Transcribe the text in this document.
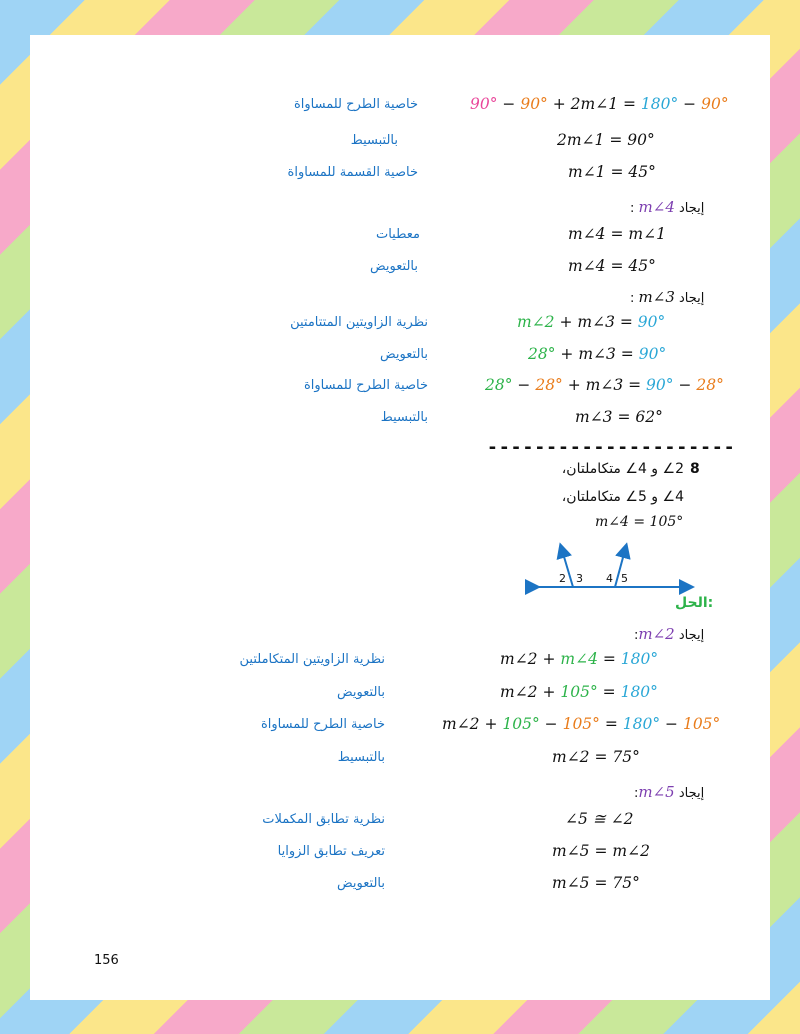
90° − 90° + 2m∠1 = 180° − 90°
خاصية الطرح للمساواة
2m∠1 = 90°
بالتبسيط
m∠1 = 45°
خاصية القسمة للمساواة
: m∠4 إيجاد
m∠4 = m∠1
معطيات
m∠4 = 45°
بالتعويض
: m∠3 إيجاد
m∠2 + m∠3 = 90°
نظرية الزاويتين المتتامتين
28° + m∠3 = 90°
بالتعويض
28° − 28° + m∠3 = 90° − 28°
خاصية الطرح للمساواة
m∠3 = 62°
بالتبسيط
---------------------
8
2∠ و 4∠ متكاملتان،
4∠ و 5∠ متكاملتان،
m∠4 = 105°
2 3 4 5
الحل:
:m∠2 إيجاد
m∠2 + m∠4 = 180°
نظرية الزاويتين المتكاملتين
m∠2 + 105° = 180°
بالتعويض
m∠2 + 105° − 105° = 180° − 105°
خاصية الطرح للمساواة
m∠2 = 75°
بالتبسيط
:m∠5 إيجاد
∠5 ≅ ∠2
نظرية تطابق المكملات
m∠5 = m∠2
تعريف تطابق الزوايا
m∠5 = 75°
بالتعويض
156
